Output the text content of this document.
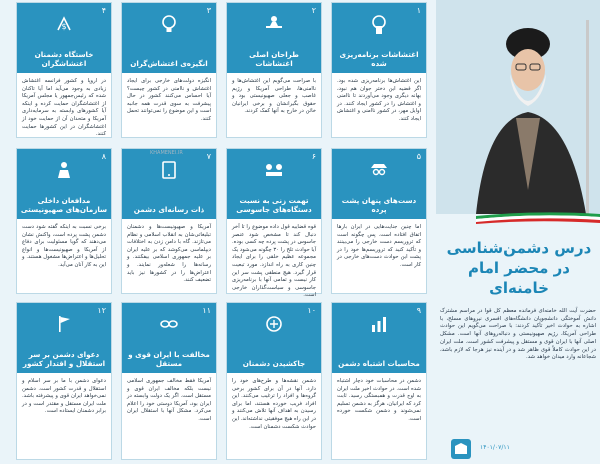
۱
اغتشاشات برنامه‌ریزی شده
این اغتشاش‌ها برنامه‌ریزی شده بود. اگر قضیه این دختر جوان هم نبود، بهانه دیگری وجود می‌آوردند تا ناامنی و اغتشاش را در کشور ایجاد کنند. در اوایل مهر، در کشور ناامنی و اغتشاش ایجاد کنند.
۲
طراحان اصلی اغتشاشات
با صراحت می‌گویم این اغتشاش‌ها و ناامنی‌ها، طراحی آمریکا و رژیم غاصب و جعلی صهیونیستی بود و حقوق بگیرانشان و برخی ایرانیان خائن در خارج به آنها کمک کردند.
۳
انگیزه‌ی اغتشاش‌گران
انگیزه دولت‌های خارجی برای ایجاد اغتشاش و ناامنی در کشور چیست؟ آیا احساس می‌کنند کشور در حال پیشرفت به سوی قدرت همه جانبه است و این موضوع را نمی‌توانند تحمل کنند.
۴
$
خاستگاه دشمنان اغتشاشگران
در اروپا و کشور فرانسه اغتشاش زیادی به وجود می‌آید اما آیا تاکنان شده که رئیس‌جمهور یا مجلس آمریکا از اغتشاشگران حمایت کرده و اینکه آیا کشورهای وابسته به سرمایه‌داری آمریکا و متحدان آن از حمایت خود از اغتشاشگران در این کشورها حمایت کنند.
۵
دست‌های پنهان پشت پرده
اما چنین جنایت‌هایی در ایران بارها اتفاق افتاده است. پس چگونه است که تروریسم دست خارجی را می‌بینند و تأکید کنید که تروریسم‌ها خود را در پشت این حوادث دست‌های خارجی در کار است.
۶
تهمت زنی به نسبت دستگاه‌های جاسوسی
قوه قضاییه قول داده موضوع را تا آخر دنبال کند تا مشخص شود عنصر جاسوس در پشت پرده چه کسی بوده. آیا حوادث تلخ را ۳۰ چگونه می‌شود یک مجموعه عظیم خلقی را برای ایجاد چنین کاری به راه اندازد. مورد تبعیت قرار گیرد. هیچ منطقی پشت سر این کار نیست و تمامی آنها با برنامه‌ریزی جاسوسی و سیاست‌گذاران خارجی است.
۷
ذات رسانه‌ای دشمن
آمریکا و صهیونیست‌ها و دشمنان تبلیغاتی‌شان به انقلاب اسلامی و نظام می‌تازند. گاه با دامن زدن به اختلافات دیپلماسی می‌کوشد که بر علیه ایران بر علیه جمهوری اسلامی بیفکنند. و رسانه‌ها را شعله‌ور نمایند. و اعتراض‌ها را در کشورها نیز باید تضعیف کنند.
۸
مدافعان داخلی سازمان‌های صهیونیستی
برخی نسبت به اینکه گفته شود دست دشمن پشت پرده است، واکنش نشان می‌دهند که گویا مسئولیت برای دفاع از آمریکا و صهیونیست‌ها و انواع تحلیل‌ها و اعتراض‌ها مشغول هستند. و این به کار آنان می‌آید.
۹
محاسبات اشتباه دشمن
دشمن در محاسبات خود دچار اشتباه شده است. در حوادث اخیر ملت ایران به اوج قدرت و همبستگی رسید. ثابت کرد که ایرانیان، هرگز به دشمن تسلیم نمی‌شوند و دشمن شکست خورده است.
۱۰
جاکشیدن دشمنان
دشمن نقشه‌ها و طرح‌های خود را دارد. آنها در آن برای کشور برخی گروه‌ها و افراد را ترغیب می‌کنند. این افراد فریب خورده هستند، اما برای رسیدن به اهداف آنها تلاش می‌کنند و در این راه هیچ موفقیتی نداشته‌اند. این حوادث شکست دشمنان است.
۱۱
مخالفت با ایران قوی و مستقل
آمریکا فقط مخالف جمهوری اسلامی نیست بلکه مخالف ایران قوی و مستقل است. اگر یک دولت وابسته در ایران بود، آمریکا دوستی خود را اعلام می‌کرد. مشکل آنها با استقلال ایران است.
۱۲
دعوای دشمن بر سر استقلال و اقتدار کشور
دعوای دشمن با ما بر سر اسلام و استقلال و قدرت کشور است. دشمن نمی‌خواهد ایران قوی و پیشرفته باشد. ملت ایران مستقل و مقتدر است و در برابر دشمنان ایستاده است.
درس دشمن‌شناسی
در محضر امام خامنه‌ای
حضرت آیت الله خامنه‌ای فرمانده معظم کل قوا در مراسم مشترک دانش آموختگی دانشجویان دانشگاه‌های افسری نیروهای مسلح، با اشاره به حوادث اخیر تأکید کردند: با صراحت می‌گویم این حوادث طراحی آمریکا، رژیم صهیونیستی و دنباله‌روهای آنها است. مشکل اصلی آنها با ایران قوی و مستقل و پیشرفت کشور است. ملت ایران در این حوادث کاملاً قوی ظاهر شد و در آینده نیز هرجا که لازم باشد، شجاعانه وارد میدان خواهد شد.
۱۴۰۱/۰۷/۱۱
KHAMENEI.IR
